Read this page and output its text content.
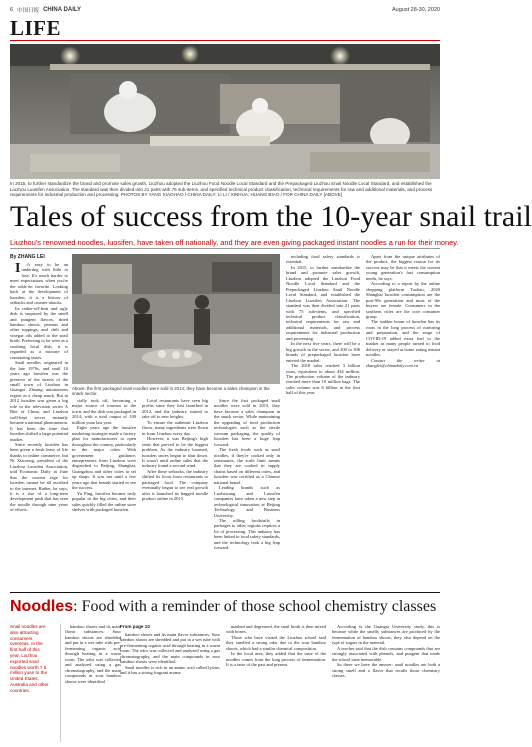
6 中国日报 CHINA DAILY	August 28-30, 2020
LIFE
In 2015, to further standardize the brand and promote sales growth, Liuzhou adopted the Liuzhou Food Noodle Local Standard and the Prepackaged Liuzhou Snail Noodle Local Standard, and established the Liuzhou Luosifen Association. The standard was then divided into 21 parts with 75 sub-items, and specified technical product classification, technical requirements for raw and additional materials, and process requirements for industrial production and processing. PHOTOS BY YANG XIAOHAO / CHINA DAILY; LI LI / XINHUA; HUANG BIAO / FOR CHINA DAILY [ABOVE]
Tales of success from the 10-year snail trail
Liuzhou's renowned noodles, luosifen, have taken off nationally, and they are even giving packaged instant noodles a run for their money.
By ZHANG LEI

It's easy to be an underdog with little to lose. It's much harder to meet expectations when you're the odds-on favorite. Looking back at the development of luosifen, it is a history of setbacks and counter-attacks.

Its rather-off-beat and ugly dish is surprised by the smell and pungent flavors, dried bamboo shoots, peanuts and other toppings, and chili and vinegar oils added to the snail broth. Preferring to be seen as a soothing local dish, it is regarded as a mixture of contrasting tastes.

Snail noodles originated in the late 1970s, and until 10 years ago luosifen was the preserve of the streets of the small town of Liuzhou in Guangxi Zhuang autonomous region as a cheap snack. But in 2012 luosifen was given a big role in the television series A Bite of China, and Liuzhou well-kept secret instantly became a national phenomenon. It has been the time that luosifen shifted a large potential market.

Since recently luosifen has been given a fresh lease of life thanks to online commerce, but Ni Xiaorong, president of the Liuzhou Luosifen Association, told Economic Daily in June that the current rage for luosifen cannot be all ascribed to the internet. Rather, he says, it is a rise of a long-term development push that has seen the noodle through nine years of efforts.

Above: the first packaged snail noodles were sold in 2014; they have become a sales champion in the snack sector.

cially took off, becoming a major source of tourism in the town, and the dish was packaged in 2014, with a total output of 100 million yuan last year.

Eight years ago the luosifen marketing strategist made a factory plan for manufacturers to open throughout the country, particularly in the major cities. With government guidance, entrepreneurs from Liuzhou were dispatched to Beijing, Shanghai, Guangzhou and other cities to set up shops. It was not until a few years ago that brands started to see the success.

Yu Ping, luosifen became truly popular in the big cities, and their sales quickly filled the online store shelves with packaged luosifen.

Local restaurants have seen big profits since they first launched in 2012, and the industry started to take off to new heights.

To ensure the authentic Liuzhou flavor, many ingredients were flown in from Liuzhou every day.

However, it was Beijing's high rents that proved to be the biggest problem. As the industry boomed, luosifen stores began to shut down. It wasn't until online sales that the industry found a second wind.

After these setbacks, the industry shifted its focus from restaurants to packaged food. The company eventually began to see real growth after it launched its bagged noodle product online in 2015.

Since the first packaged snail noodles were sold in 2015, they have become a sales champion in the snack sector. While maintaining the upgrading of food production technologies such as the sterile vacuum packaging, the quality of luosifen has been a huge leap forward.

The fresh foods such as snail noodles, if they're cooked only in restaurants, the scale limit means that they are cooked in supply chains based on different cities, and luosifen was certified as a Chinese national brand.

Leading brands such as Luobawang and Luosifen companies have taken a new step in technological innovation at Beijing Technology and Business University.

The rolling foodstuffs in packages to other regions requires a lot of processing. This industry has been linked to food safety standards, and the technology took a big leap forward.

including food safety standards is essential.

In 2015, to further standardize the brand and promote sales growth, Liuzhou adopted the Liuzhou Food Noodle Local Standard and the Prepackaged Liuzhou Snail Noodle Local Standard, and established the Liuzhou Luosifen Association. The standard was then divided into 21 parts with 75 sub-items, and specified technical product classification, technical requirements for raw and additional materials, and process requirements for industrial production and processing.

In the next five years, there will be a big growth in the sector, and 200 to 300 brands of prepackaged luosifen have entered the market.

The 2018 sales reached 3 billion yuan, equivalent to about 434 million. The production volume of the industry reached more than 10 million bags. The sales volume was 6 billion in the first half of this year.

Apart from the unique attributes of the product, the biggest reason for its success may be that it meets the current young generation's fast consumption needs, he says.

According to a report by the online shopping platform Taobao, 2020 Shanghai luosifen consumption are the post-90s generation and most of the buyers are female. Consumers in the southern cities are the core consumer group.

The sudden boom of luosifen has its roots in the long process of nurturing and preparation, and the surge of COVID-19 added extra fuel to the market as many people turned to food delivery or stayed at home eating instant noodles.

Contact the writer at zhanglei@chinadaily.com.cn

Noodles: Food with a reminder of those school chemistry classes
Snail noodles are also attracting consumers overseas. In the first half of this year, Liuzhou exported snail noodles worth 7.5 million yuan to the United States, Australia and other countries.

bamboo shoots and its main flavor substances. Sour bamboo shoots are shredded and put in a wet tube with pre-fermenting organic acid through heating in a warm room. The odor was collected and analyzed using a gas chromatography, and the main compounds in sour bamboo shoots were identified.

From page 10

bamboo shoots and its main flavor substances. Sour bamboo shoots are shredded and put in a wet tube with pre-fermenting organic acid through heating in a warm room. The odor was collected and analyzed using a gas chromatography, and the main compounds in sour bamboo shoots were identified.

Snail noodles is rich in an amino acid called lysine, and it has a strong fragrant aroma.

mashed and degreased, the snail broth is then mixed with bones.

Those who have visited the Liuzhou school said they smelled a strong odor due to the sour bamboo shoots, which had a similar chemical composition.

In the local area, they added that the taste of the noodles comes from the long process of fermentation. It is a taste of the past and present.

According to the Guangxi University study, this is because while the smelly substances are produced by the fermentation of bamboo shoots, they also depend on the type of sugars in the material.

A teacher said that the dish contains compounds that are strongly associated with phenols, and pungent that made the school taste memorable.

So there we have the answer: snail noodles are both a strong smell and a flavor that recalls those chemistry classes.
